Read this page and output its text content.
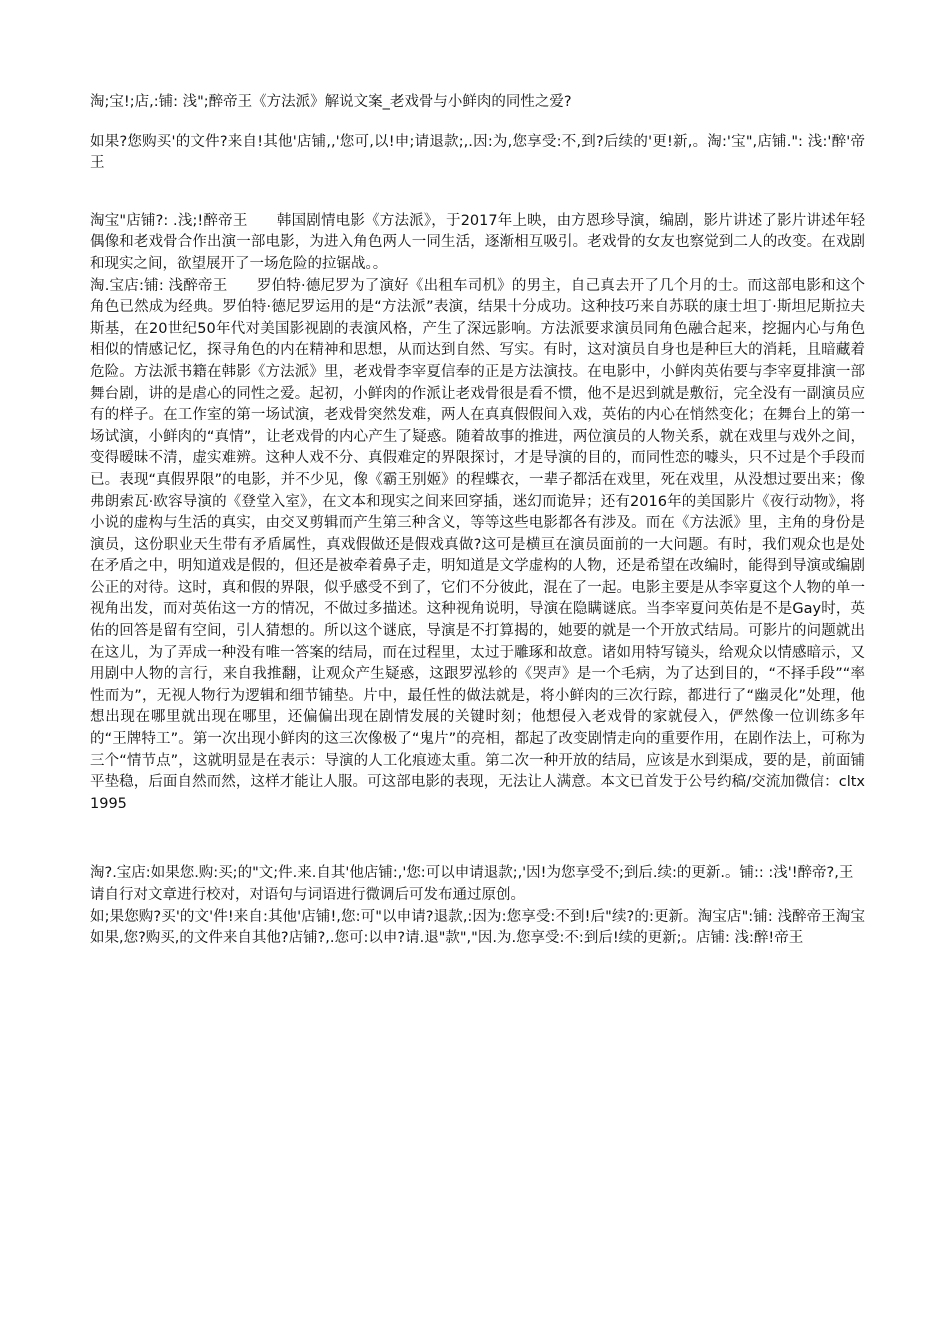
淘;宝!;店,:铺: 浅";醉帝王《方法派》解说文案_老戏骨与小鲜肉的同性之爱?

如果?您购买'的文件?来自!其他'店铺,,'您可,以!申;请退款;,.因:为,您享受:不,到?后续的'更!新,。淘:'宝",店铺.": 浅:'醉'帝王

淘宝"店铺?: .浅;!醉帝王　　韩国剧情电影《方法派》，于2017年上映，由方恩珍导演，编剧，影片讲述了影片讲述年轻偶像和老戏骨合作出演一部电影，为进入角色两人一同生活，逐渐相互吸引。老戏骨的女友也察觉到二人的改变。在戏剧和现实之间，欲望展开了一场危险的拉锯战。。

淘.宝店:铺: 浅醉帝王　　罗伯特·德尼罗为了演好《出租车司机》的男主，自己真去开了几个月的士。而这部电影和这个角色已然成为经典。罗伯特·德尼罗运用的是“方法派”表演，结果十分成功。这种技巧来自苏联的康士坦丁·斯坦尼斯拉夫斯基，在20世纪50年代对美国影视剧的表演风格，产生了深远影响。方法派要求演员同角色融合起来，挖掘内心与角色相似的情感记忆，探寻角色的内在精神和思想，从而达到自然、写实。有时，这对演员自身也是种巨大的消耗，且暗藏着危险。方法派书籍在韩影《方法派》里，老戏骨李宰夏信奉的正是方法演技。在电影中，小鲜肉英佑要与李宰夏排演一部舞台剧，讲的是虐心的同性之爱。起初，小鲜肉的作派让老戏骨很是看不惯，他不是迟到就是敷衍，完全没有一副演员应有的样子。在工作室的第一场试演，老戏骨突然发难，两人在真真假假间入戏，英佑的内心在悄然变化；在舞台上的第一场试演，小鲜肉的“真情”，让老戏骨的内心产生了疑惑。随着故事的推进，两位演员的人物关系，就在戏里与戏外之间，变得暧昧不清，虚实难辨。这种人戏不分、真假难定的界限探讨，才是导演的目的，而同性恋的噱头，只不过是个手段而已。表现“真假界限”的电影，并不少见，像《霸王别姬》的程蝶衣，一辈子都活在戏里，死在戏里，从没想过要出来；像弗朗索瓦·欧容导演的《登堂入室》，在文本和现实之间来回穿插，迷幻而诡异；还有2016年的美国影片《夜行动物》，将小说的虚构与生活的真实，由交叉剪辑而产生第三种含义，等等这些电影都各有涉及。而在《方法派》里，主角的身份是演员，这份职业天生带有矛盾属性，真戏假做还是假戏真做?这可是横亘在演员面前的一大问题。有时，我们观众也是处在矛盾之中，明知道戏是假的，但还是被牵着鼻子走，明知道是文学虚构的人物，还是希望在改编时，能得到导演或编剧公正的对待。这时，真和假的界限，似乎感受不到了，它们不分彼此，混在了一起。电影主要是从李宰夏这个人物的单一视角出发，而对英佑这一方的情况，不做过多描述。这种视角说明，导演在隐瞒谜底。当李宰夏问英佑是不是Gay时，英佑的回答是留有空间，引人猜想的。所以这个谜底，导演是不打算揭的，她要的就是一个开放式结局。可影片的问题就出在这儿，为了弄成一种没有唯一答案的结局，而在过程里，太过于雕琢和故意。诸如用特写镜头，给观众以情感暗示，又用剧中人物的言行，来自我推翻，让观众产生疑惑，这跟罗泓轸的《哭声》是一个毛病，为了达到目的，“不择手段”“率性而为”，无视人物行为逻辑和细节铺垫。片中，最任性的做法就是，将小鲜肉的三次行踪，都进行了“幽灵化”处理，他想出现在哪里就出现在哪里，还偏偏出现在剧情发展的关键时刻；他想侵入老戏骨的家就侵入，俨然像一位训练多年的“王牌特工”。第一次出现小鲜肉的这三次像极了“鬼片”的亮相，都起了改变剧情走向的重要作用，在剧作法上，可称为三个“情节点”，这就明显是在表示：导演的人工化痕迹太重。第二次一种开放的结局，应该是水到渠成，要的是，前面铺平垫稳，后面自然而然，这样才能让人服。可这部电影的表现，无法让人满意。本文已首发于公号约稿/交流加微信：cltx1995

淘?.宝店:如果您.购:买;的"文;件.来.自其'他店铺:,'您:可以申请退款;,'因!为您享受不;到后.续:的更新.。铺:: :浅'!醉帝?,王

请自行对文章进行校对，对语句与词语进行微调后可发布通过原创。

如;果您购?买'的文'件!来自:其他'店铺!,您:可"以申请?退款,:因为:您享受:不到!后"续?的:更新。淘宝店":铺: 浅醉帝王淘宝如果,您?购买,的文件来自其他?店铺?,.您可:以申?请.退"款","因.为.您享受:不:到后!续的更新;。店铺: 浅:醉!帝王
